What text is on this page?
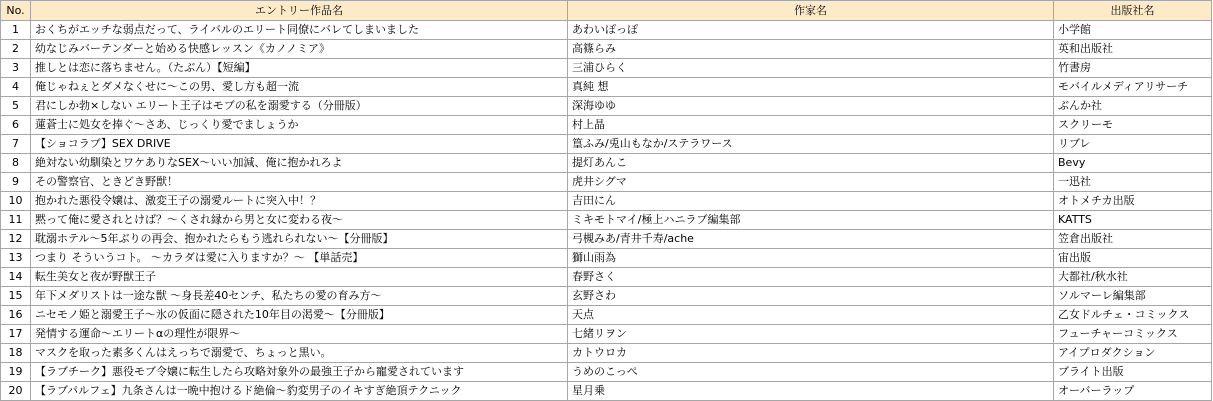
No.	エントリー作品名	作家名	出版社名
1	おくちがエッチな弱点だって、ライバルのエリート同僚にバレてしまいました	あわいぽっぽ	小学館
2	幼なじみバーテンダーと始める快感レッスン《カノノミア》	高篠らみ	英和出版社
3	推しとは恋に落ちません。（たぶん）【短編】	三浦ひらく	竹書房
4	俺じゃねぇとダメなくせに～この男、愛し方も超一流	真純 想	モバイルメディアリサーチ
5	君にしか勃×しない エリート王子はモブの私を溺愛する（分冊版）	深海ゆゆ	ぶんか社
6	蓮蒼士に処女を捧ぐ～さあ、じっくり愛でましょうか	村上晶	スクリーモ
7	【ショコラブ】SEX DRIVE	篁ふみ/兎山もなか/ステラワース	リブレ
8	絶対ない幼馴染とワケありなSEX～いい加減、俺に抱かれろよ	提灯あんこ	Bevy
9	その警察官、ときどき野獣！	虎井シグマ	一迅社
10	抱かれた悪役令嬢は、激変王子の溺愛ルートに突入中！？	吉田にん	オトメチカ出版
11	黙って俺に愛されとけば？～くされ縁から男と女に変わる夜～	ミキモトマイ/極上ハニラブ編集部	KATTS
12	耽溺ホテル～5年ぶりの再会、抱かれたらもう逃れられない～【分冊版】	弓槻みあ/青井千寿/ache	笠倉出版社
13	つまり そういうコト。 ～カラダは愛に入りますか？～ 【単話売】	獅山雨為	宙出版
14	転生美女と夜が野獣王子	春野さく	大都社/秋水社
15	年下メダリストは一途な獣 ～身長差40センチ、私たちの愛の育み方～	玄野さわ	ソルマーレ編集部
16	ニセモノ姫と溺愛王子～氷の仮面に隠された10年目の渇愛～【分冊版】	天点	乙女ドルチェ・コミックス
17	発情する運命～エリートαの理性が限界～	七緒リヲン	フューチャーコミックス
18	マスクを取った素多くんはえっちで溺愛で、ちょっと黒い。	カトウロカ	アイプロダクション
19	【ラブチーク】悪役モブ令嬢に転生したら攻略対象外の最強王子から寵愛されています	うめのこっぺ	ブライト出版
20	【ラブパルフェ】九条さんは一晩中抱けるド絶倫～豹変男子のイキすぎ絶頂テクニック	星月乗	オーバーラップ
